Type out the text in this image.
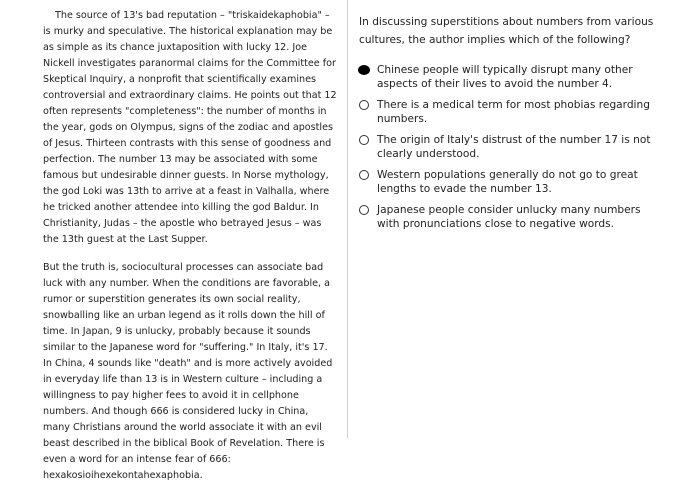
The source of 13's bad reputation – "triskaidekaphobia" – is murky and speculative. The historical explanation may be as simple as its chance juxtaposition with lucky 12. Joe Nickell investigates paranormal claims for the Committee for Skeptical Inquiry, a nonprofit that scientifically examines controversial and extraordinary claims. He points out that 12 often represents "completeness": the number of months in the year, gods on Olympus, signs of the zodiac and apostles of Jesus. Thirteen contrasts with this sense of goodness and perfection. The number 13 may be associated with some famous but undesirable dinner guests. In Norse mythology, the god Loki was 13th to arrive at a feast in Valhalla, where he tricked another attendee into killing the god Baldur. In Christianity, Judas – the apostle who betrayed Jesus – was the 13th guest at the Last Supper.

But the truth is, sociocultural processes can associate bad luck with any number. When the conditions are favorable, a rumor or superstition generates its own social reality, snowballing like an urban legend as it rolls down the hill of time. In Japan, 9 is unlucky, probably because it sounds similar to the Japanese word for "suffering." In Italy, it's 17. In China, 4 sounds like "death" and is more actively avoided in everyday life than 13 is in Western culture – including a willingness to pay higher fees to avoid it in cellphone numbers. And though 666 is considered lucky in China, many Christians around the world associate it with an evil beast described in the biblical Book of Revelation. There is even a word for an intense fear of 666: hexakosioihexekontahexaphobia.

In discussing superstitions about numbers from various cultures, the author implies which of the following?

Chinese people will typically disrupt many other aspects of their lives to avoid the number 4.
There is a medical term for most phobias regarding numbers.
The origin of Italy's distrust of the number 17 is not clearly understood.
Western populations generally do not go to great lengths to evade the number 13.
Japanese people consider unlucky many numbers with pronunciations close to negative words.
